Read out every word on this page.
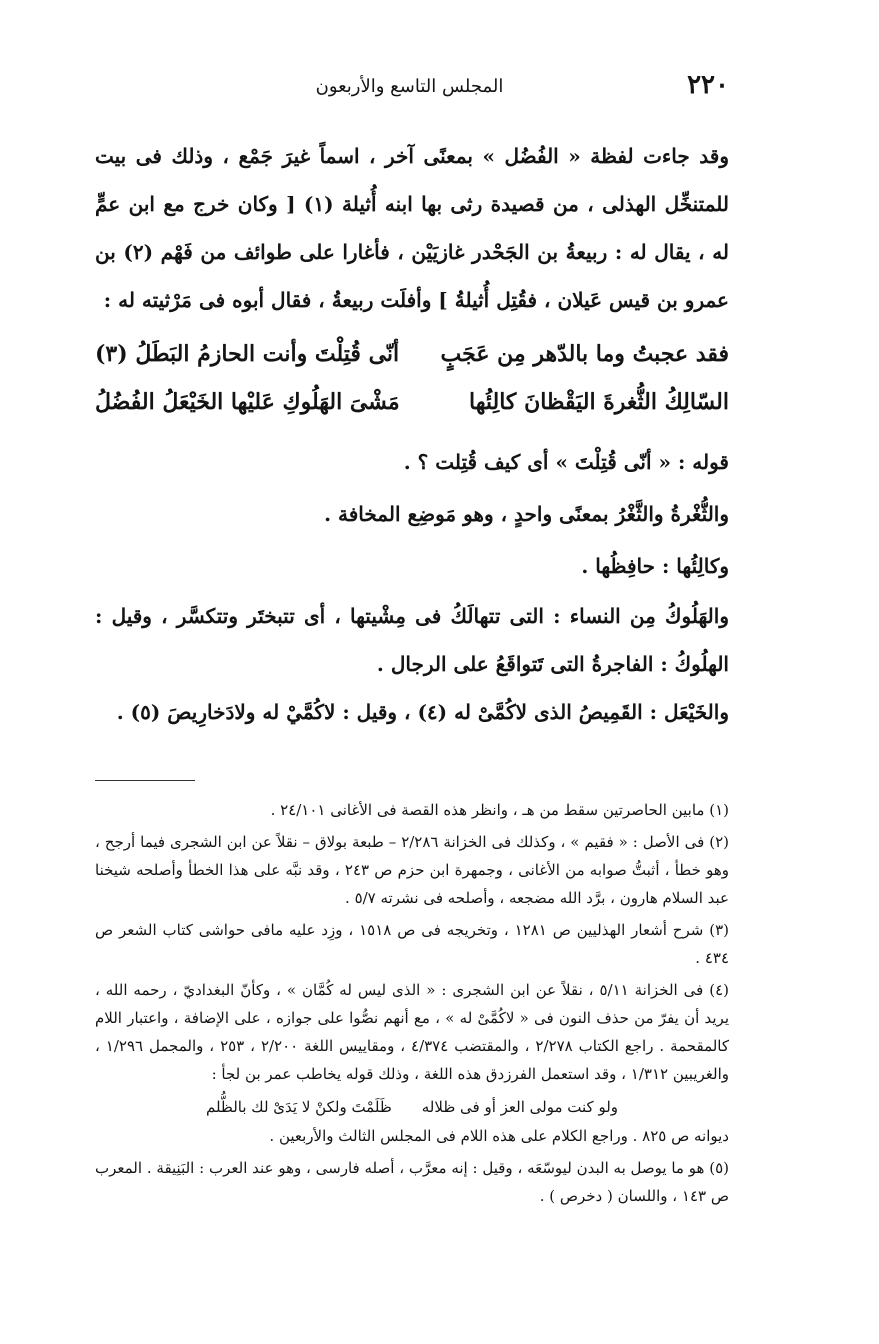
٢٢٠
المجلس التاسع والأربعون

وقد جاءت لفظة « الفُضُل » بمعنًى آخر ، اسماً غيرَ جَمْع ، وذلك فى بيت للمتنخِّل الهذلى ، من قصيدة رثى بها ابنه أُثيلة (١) [ وكان خرج مع ابن عمٍّ له ، يقال له : ربيعةُ بن الجَحْدر غازيَيْن ، فأغارا على طوائف من فَهْم (٢) بن عمرو بن قيس عَيلان ، فقُتِل أُثيلةُ ] وأفلَت ربيعةُ ، فقال أبوه فى مَرْثيته له :

فقد عجبتُ وما بالدّهر مِن عَجَبٍ
أنّى قُتِلْتَ وأنت الحازمُ البَطَلُ (٣)
السّالِكُ الثُّغرةَ اليَقْظانَ كالِئُها
مَشْىَ الهَلُوكِ عَليْها الخَيْعَلُ الفُضُلُ

قوله : « أنّى قُتِلْتَ » أى كيف قُتِلت ؟ .

والثُّغْرةُ والثَّغْرُ بمعنًى واحدٍ ، وهو مَوضِع المخافة .

وكالِئُها : حافِظُها .

والهَلُوكُ مِن النساء : التى تتهالَكُ فى مِشْيتها ، أى تتبختَر وتتكسَّر ، وقيل : الهلُوكُ : الفاجرةُ التى تَتواقَعُ على الرجال .

والخَيْعَل : القَمِيصُ الذى لاكُمَّىْ له (٤) ، وقيل : لاكُمَّيْ له ولادَخارِيصَ (٥) .

(١) مابين الحاصرتين سقط من هـ ، وانظر هذه القصة فى الأغانى ٢٤/١٠١ .

(٢) فى الأصل : « فقيم » ، وكذلك فى الخزانة ٢/٢٨٦ – طبعة بولاق – نقلاً عن ابن الشجرى فيما أرجح ، وهو خطأ ، أثبتُّ صوابه من الأغانى ، وجمهرة ابن حزم ص ٢٤٣ ، وقد نبَّه على هذا الخطأ وأصلحه شيخنا عبد السلام هارون ، برَّد الله مضجعه ، وأصلحه فى نشرته ٥/٧ .

(٣) شرح أشعار الهذليين ص ١٢٨١ ، وتخريجه فى ص ١٥١٨ ، وزِد عليه مافى حواشى كتاب الشعر ص ٤٣٤ .

(٤) فى الخزانة ٥/١١ ، نقلاً عن ابن الشجرى : « الذى ليس له كُمَّان » ، وكأنّ البغداديّ ، رحمه الله ، يريد أن يفرّ من حذف النون فى « لاكُمَّىْ له » ، مع أنهم نصُّوا على جوازه ، على الإضافة ، واعتبار اللام كالمقحمة . راجع الكتاب ٢/٢٧٨ ، والمقتضب ٤/٣٧٤ ، ومقاييس اللغة ٢/٢٠٠ ، ٢٥٣ ، والمجمل ١/٢٩٦ ، والغريبين ١/٣١٢ ، وقد استعمل الفرزدق هذه اللغة ، وذلك قوله يخاطب عمر بن لجأ :

ولو كنت مولى العز أو فى ظلاله
ظَلَمْتَ ولكنْ لا يَدَىْ لك بالظُّلم

ديوانه ص ٨٢٥ . وراجع الكلام على هذه اللام فى المجلس الثالث والأربعين .

(٥) هو ما يوصل به البدن ليوسّعَه ، وقيل : إنه معرَّب ، أصله فارسى ، وهو عند العرب : البَنِيقة . المعرب ص ١٤٣ ، واللسان ( دخرص ) .
